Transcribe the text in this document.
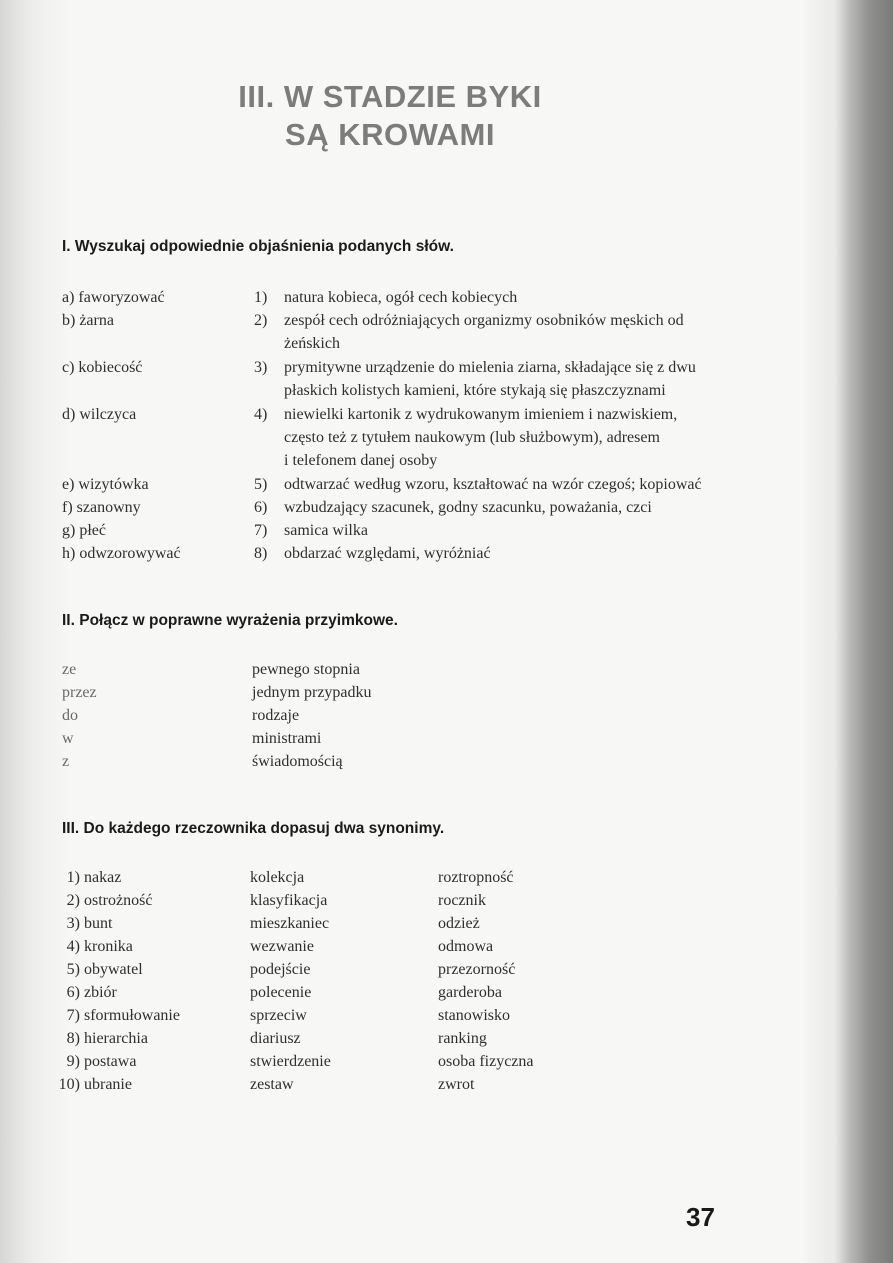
III. W STADZIE BYKI
SĄ KROWAMI
I. Wyszukaj odpowiednie objaśnienia podanych słów.
a) faworyzować
b) żarna
c) kobiecość
d) wilczyca
e) wizytówka
f) szanowny
g) płeć
h) odwzorowywać
1) natura kobieca, ogół cech kobiecych
2) zespół cech odróżniających organizmy osobników męskich od
żeńskich
3) prymitywne urządzenie do mielenia ziarna, składające się z dwu
płaskich kolistych kamieni, które stykają się płaszczyznami
4) niewielki kartonik z wydrukowanym imieniem i nazwiskiem,
często też z tytułem naukowym (lub służbowym), adresem
i telefonem danej osoby
5) odtwarzać według wzoru, kształtować na wzór czegoś; kopiować
6) wzbudzający szacunek, godny szacunku, poważania, czci
7) samica wilka
8) obdarzać względami, wyróżniać
II. Połącz w poprawne wyrażenia przyimkowe.
ze
przez
do
w
z
pewnego stopnia
jednym przypadku
rodzaje
ministrami
świadomością
III. Do każdego rzeczownika dopasuj dwa synonimy.
1) nakaz
2) ostrożność
3) bunt
4) kronika
5) obywatel
6) zbiór
7) sformułowanie
8) hierarchia
9) postawa
10) ubranie
kolekcja
klasyfikacja
mieszkaniec
wezwanie
podejście
polecenie
sprzeciw
diariusz
stwierdzenie
zestaw
roztropność
rocznik
odzież
odmowa
przezorność
garderoba
stanowisko
ranking
osoba fizyczna
zwrot
37
